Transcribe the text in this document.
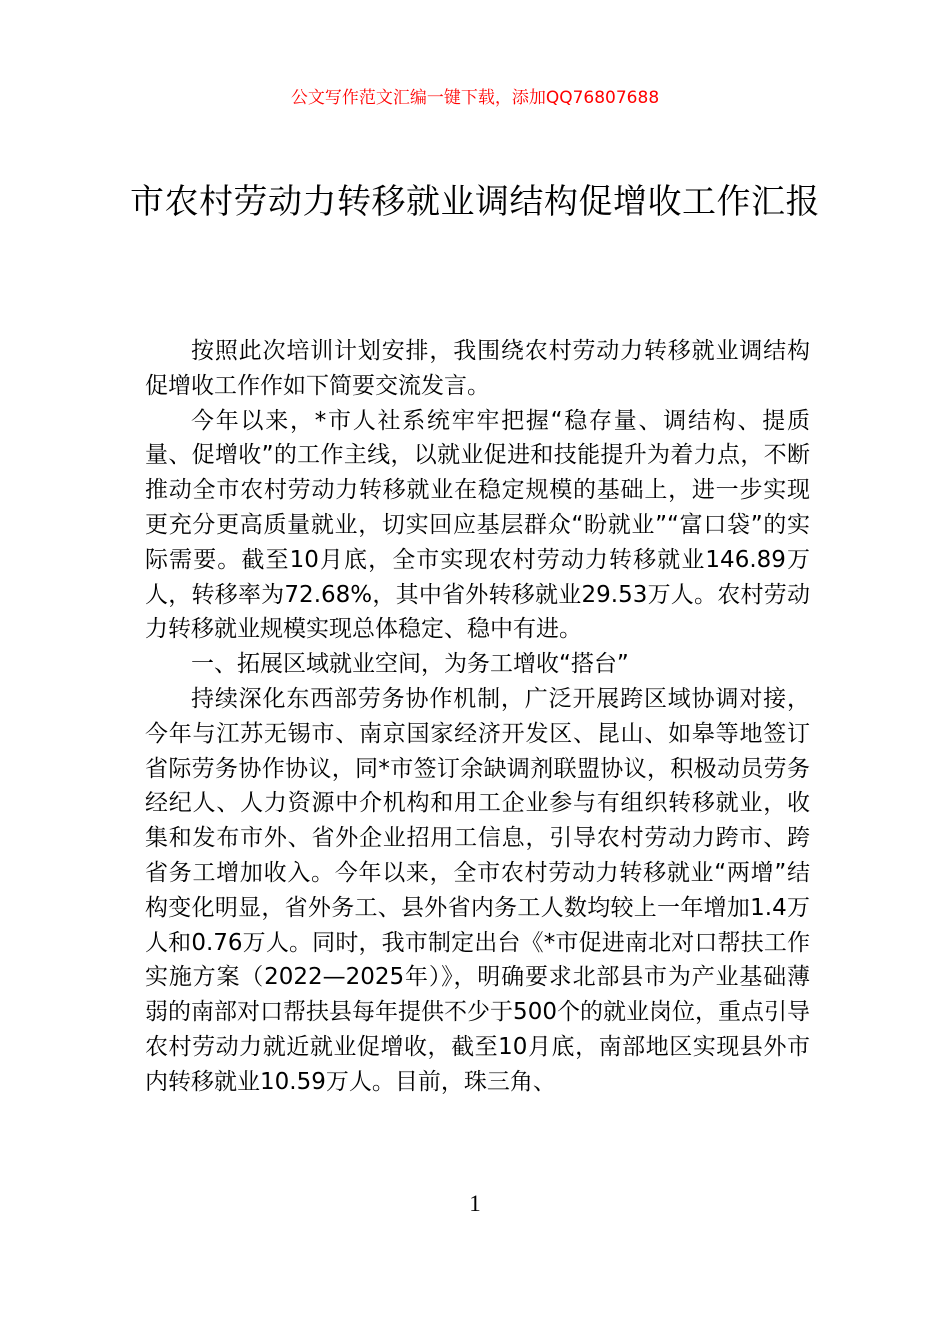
公文写作范文汇编一键下载，添加QQ76807688
市农村劳动力转移就业调结构促增收工作汇报

按照此次培训计划安排，我围绕农村劳动力转移就业调结构促增收工作作如下简要交流发言。

今年以来，*市人社系统牢牢把握“稳存量、调结构、提质量、促增收”的工作主线，以就业促进和技能提升为着力点，不断推动全市农村劳动力转移就业在稳定规模的基础上，进一步实现更充分更高质量就业，切实回应基层群众“盼就业”“富口袋”的实际需要。截至10月底，全市实现农村劳动力转移就业146.89万人，转移率为72.68%，其中省外转移就业29.53万人。农村劳动力转移就业规模实现总体稳定、稳中有进。

一、拓展区域就业空间，为务工增收“搭台”

持续深化东西部劳务协作机制，广泛开展跨区域协调对接，今年与江苏无锡市、南京国家经济开发区、昆山、如皋等地签订省际劳务协作协议，同*市签订余缺调剂联盟协议，积极动员劳务经纪人、人力资源中介机构和用工企业参与有组织转移就业，收集和发布市外、省外企业招用工信息，引导农村劳动力跨市、跨省务工增加收入。今年以来，全市农村劳动力转移就业“两增”结构变化明显，省外务工、县外省内务工人数均较上一年增加1.4万人和0.76万人。同时，我市制定出台《*市促进南北对口帮扶工作实施方案（2022—2025年）》，明确要求北部县市为产业基础薄弱的南部对口帮扶县每年提供不少于500个的就业岗位，重点引导农村劳动力就近就业促增收，截至10月底，南部地区实现县外市内转移就业10.59万人。目前，珠三角、

1
